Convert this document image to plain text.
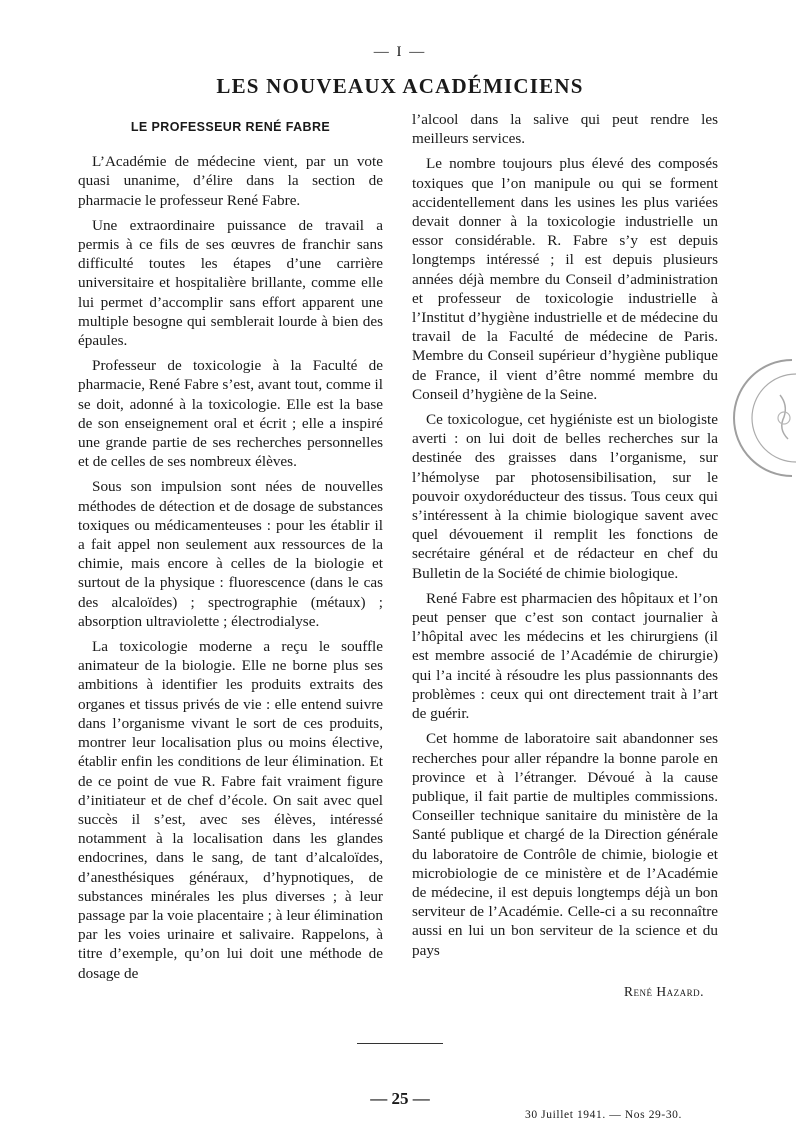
— I —
LES NOUVEAUX ACADÉMICIENS
LE PROFESSEUR RENÉ FABRE

L’Académie de médecine vient, par un vote quasi unanime, d’élire dans la section de pharmacie le professeur René Fabre.

Une extraordinaire puissance de travail a permis à ce fils de ses œuvres de franchir sans difficulté toutes les étapes d’une carrière universitaire et hospitalière brillante, comme elle lui permet d’accomplir sans effort apparent une multiple besogne qui semblerait lourde à bien des épaules.

Professeur de toxicologie à la Faculté de pharmacie, René Fabre s’est, avant tout, comme il se doit, adonné à la toxicologie. Elle est la base de son enseignement oral et écrit ; elle a inspiré une grande partie de ses recherches personnelles et de celles de ses nombreux élèves.

Sous son impulsion sont nées de nouvelles méthodes de détection et de dosage de substances toxiques ou médicamenteuses : pour les établir il a fait appel non seulement aux ressources de la chimie, mais encore à celles de la biologie et surtout de la physique : fluorescence (dans le cas des alcaloïdes) ; spectrographie (métaux) ; absorption ultraviolette ; électrodialyse.

La toxicologie moderne a reçu le souffle animateur de la biologie. Elle ne borne plus ses ambitions à identifier les produits extraits des organes et tissus privés de vie : elle entend suivre dans l’organisme vivant le sort de ces produits, montrer leur localisation plus ou moins élective, établir enfin les conditions de leur élimination. Et de ce point de vue R. Fabre fait vraiment figure d’initiateur et de chef d’école. On sait avec quel succès il s’est, avec ses élèves, intéressé notamment à la localisation dans les glandes endocrines, dans le sang, de tant d’alcaloïdes, d’anesthésiques généraux, d’hypnotiques, de substances minérales les plus diverses ; à leur passage par la voie placentaire ; à leur élimination par les voies urinaire et salivaire. Rappelons, à titre d’exemple, qu’on lui doit une méthode de dosage de

l’alcool dans la salive qui peut rendre les meilleurs services.

Le nombre toujours plus élevé des composés toxiques que l’on manipule ou qui se forment accidentellement dans les usines les plus variées devait donner à la toxicologie industrielle un essor considérable. R. Fabre s’y est depuis longtemps intéressé ; il est depuis plusieurs années déjà membre du Conseil d’administration et professeur de toxicologie industrielle à l’Institut d’hygiène industrielle et de médecine du travail de la Faculté de médecine de Paris. Membre du Conseil supérieur d’hygiène publique de France, il vient d’être nommé membre du Conseil d’hygiène de la Seine.

Ce toxicologue, cet hygiéniste est un biologiste averti : on lui doit de belles recherches sur la destinée des graisses dans l’organisme, sur l’hémolyse par photosensibilisation, sur le pouvoir oxydoréducteur des tissus. Tous ceux qui s’intéressent à la chimie biologique savent avec quel dévouement il remplit les fonctions de secrétaire général et de rédacteur en chef du Bulletin de la Société de chimie biologique.

René Fabre est pharmacien des hôpitaux et l’on peut penser que c’est son contact journalier à l’hôpital avec les médecins et les chirurgiens (il est membre associé de l’Académie de chirurgie) qui l’a incité à résoudre les plus passionnants des problèmes : ceux qui ont directement trait à l’art de guérir.

Cet homme de laboratoire sait abandonner ses recherches pour aller répandre la bonne parole en province et à l’étranger. Dévoué à la cause publique, il fait partie de multiples commissions. Conseiller technique sanitaire du ministère de la Santé publique et chargé de la Direction générale du laboratoire de Contrôle de chimie, biologie et microbiologie de ce ministère et de l’Académie de médecine, il est depuis longtemps déjà un bon serviteur de l’Académie. Celle-ci a su reconnaître aussi en lui un bon serviteur de la science et du pays

René Hazard.
— 25 —
30 Juillet 1941. — Nos 29-30.
